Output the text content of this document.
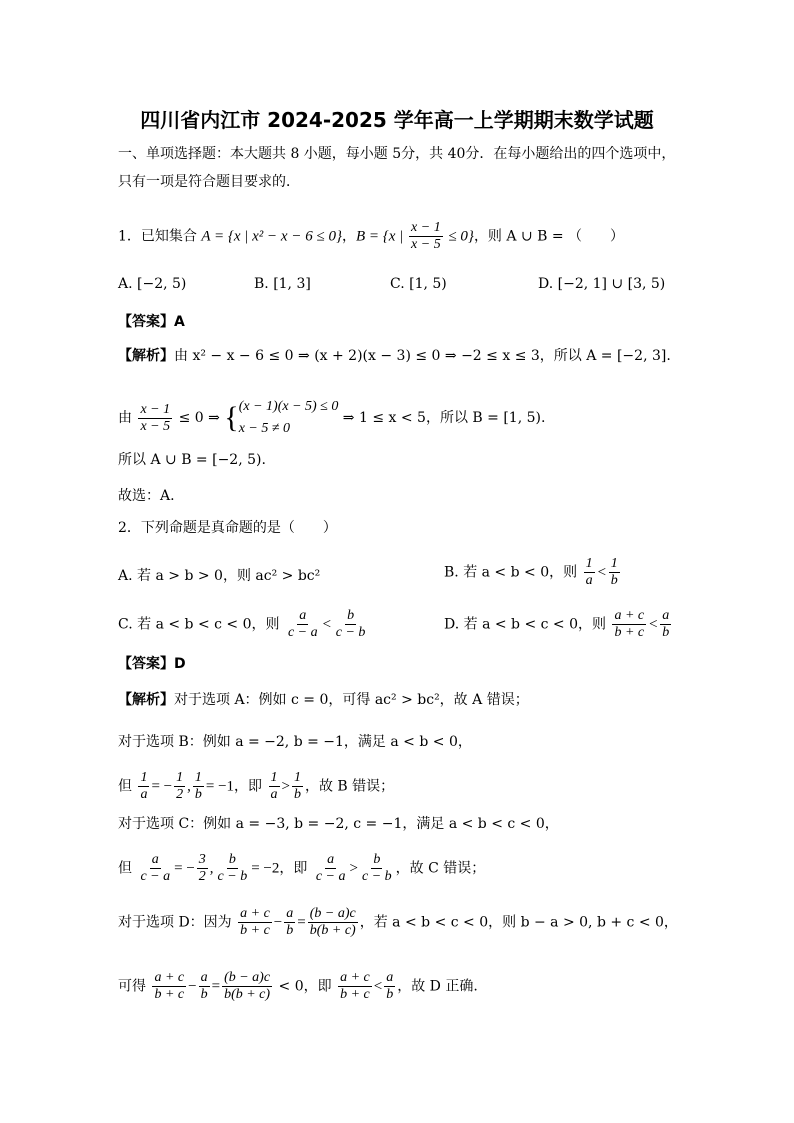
四川省内江市 2024-2025 学年高一上学期期末数学试题
一、单项选择题：本大题共 8 小题，每小题 5分，共 40分．在每小题给出的四个选项中，
只有一项是符合题目要求的．
1．已知集合 A = {x | x² − x − 6 ≤ 0}，B = {x | $\frac{x - 1}{x - 5} \le 0$}，则 A ∪ B = （　　）
A. [−2, 5)	B. [1, 3]	C. [1, 5)	D. [−2, 1] ∪ [3, 5)
【答案】A
【解析】由 x² − x − 6 ≤ 0 ⇒ (x + 2)(x − 3) ≤ 0 ⇒ −2 ≤ x ≤ 3，所以 A = [−2, 3].
由 $\frac{x - 1}{x - 5} \le 0$ ⇒ { (x − 1)(x − 5) ≤ 0
x − 5 ≠ 0
⇒ 1 ≤ x < 5，所以 B = [1, 5).
所以 A ∪ B = [−2, 5).
故选：A.
2．下列命题是真命题的是（　　）
A. 若 a > b > 0，则 ac² > bc²	B. 若 a < b < 0，则 $\frac{1}{a} < \frac{1}{b}$
C. 若 a < b < c < 0，则 $\frac{a}{c - a} < \frac{b}{c - b}$	D. 若 a < b < c < 0，则 $\frac{a + c}{b + c} < \frac{a}{b}$
【答案】D
【解析】对于选项 A：例如 c = 0，可得 ac² > bc²，故 A 错误；
对于选项 B：例如 a = −2, b = −1，满足 a < b < 0，
但 $\frac{1}{a}$ = − $\frac{1}{2}$ , $\frac{1}{b} = -1$，即 $\frac{1}{a} > \frac{1}{b}$ ，故 B 错误；
对于选项 C：例如 a = −3, b = −2, c = −1，满足 a < b < c < 0，
但 $\frac{a}{c - a}$ = − $\frac{3}{2}$ , $\frac{b}{c - b} = -2$，即 $\frac{a}{c - a} > \frac{b}{c - b}$ ，故 C 错误；
对于选项 D：因为 $\frac{a + c}{b + c} - \frac{a}{b} = \frac{(b - a)c}{b(b + c)}$ ，若 a < b < c < 0，则 b − a > 0, b + c < 0，
可得 $\frac{a + c}{b + c} - \frac{a}{b} = \frac{(b - a)c}{b(b + c)} < 0$，即 $\frac{a + c}{b + c} < \frac{a}{b}$ ，故 D 正确.
